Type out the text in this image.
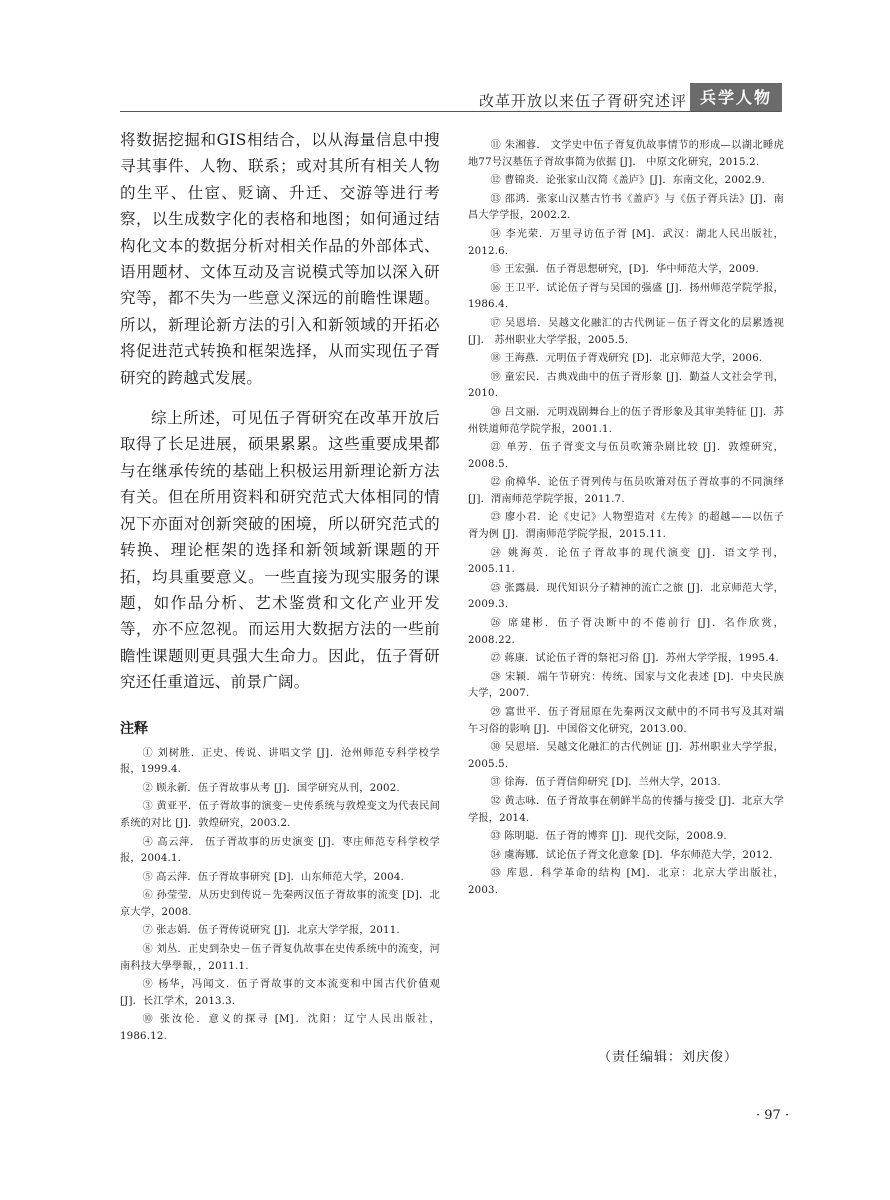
改革开放以来伍子胥研究述评 兵学人物

将数据挖掘和GIS相结合，以从海量信息中搜寻其事件、人物、联系；或对其所有相关人物的生平、仕宦、贬谪、升迁、交游等进行考察，以生成数字化的表格和地图；如何通过结构化文本的数据分析对相关作品的外部体式、语用题材、文体互动及言说模式等加以深入研究等，都不失为一些意义深远的前瞻性课题。所以，新理论新方法的引入和新领域的开拓必将促进范式转换和框架选择，从而实现伍子胥研究的跨越式发展。

综上所述，可见伍子胥研究在改革开放后取得了长足进展，硕果累累。这些重要成果都与在继承传统的基础上积极运用新理论新方法有关。但在所用资料和研究范式大体相同的情况下亦面对创新突破的困境，所以研究范式的转换、理论框架的选择和新领域新课题的开拓，均具重要意义。一些直接为现实服务的课题，如作品分析、艺术鉴赏和文化产业开发等，亦不应忽视。而运用大数据方法的一些前瞻性课题则更具强大生命力。因此，伍子胥研究还任重道远、前景广阔。

注释

① 刘树胜．正史、传说、讲唱文学 [J]．沧州师范专科学校学报，1999.4.

② 顾永新．伍子胥故事从考 [J]．国学研究从刊，2002.

③ 黄亚平．伍子胥故事的演变－史传系统与敦煌变文为代表民间系统的对比 [J]．敦煌研究，2003.2.

④ 高云萍． 伍子胥故事的历史演变 [J]．枣庄师范专科学校学报，2004.1.

⑤ 高云萍．伍子胥故事研究 [D]．山东师范大学，2004.

⑥ 孙莹莹．从历史到传说－先秦两汉伍子胥故事的流变 [D]．北京大学，2008.

⑦ 张志娟．伍子胥传说研究 [J]．北京大学学报，2011.

⑧ 刘丛．正史到杂史－伍子胥复仇故事在史传系统中的流变，河南科技大學學報，，2011.1.

⑨ 杨华，冯闻文．伍子胥故事的文本流变和中国古代价值观 [J]．长江学术，2013.3.

⑩ 张汝伦．意义的探寻 [M]．沈阳：辽宁人民出版社，1986.12.

⑪ 朱湘蓉． 文学史中伍子胥复仇故事情节的形成—以湖北睡虎地77号汉墓伍子胥故事简为依据 [J]． 中原文化研究，2015.2.

⑫ 曹锦炎．论张家山汉简《盖庐》[J]．东南文化，2002.9.

⑬ 邵鸿．张家山汉墓古竹书《盖庐》与《伍子胥兵法》[J]．南昌大学学报，2002.2.

⑭ 李光荣．万里寻访伍子胥 [M]．武汉：湖北人民出版社，2012.6.

⑮ 王宏强．伍子胥思想研究，[D]．华中师范大学，2009.

⑯ 王卫平．试论伍子胥与吴国的强盛 [J]．扬州师范学院学报，1986.4.

⑰ 吴恩培．吴越文化融汇的古代例证－伍子胥文化的层累透视 [J]． 苏州职业大学学报，2005.5.

⑱ 王海燕．元明伍子胥戏研究 [D]．北京师范大学，2006.

⑲ 童宏民．古典戏曲中的伍子胥形象 [J]．勤益人文社会学刊，2010.

⑳ 吕文丽．元明戏剧舞台上的伍子胥形象及其审美特征 [J]．苏州铁道师范学院学报，2001.1.

㉑ 单芳．伍子胥变文与伍员吹箫杂剧比较 [J]．敦煌研究，2008.5.

㉒ 俞樟华．论伍子胥列传与伍员吹箫对伍子胥故事的不同演绎 [J]．渭南师范学院学报，2011.7.

㉓ 廖小君．论《史记》人物塑造对《左传》的超越——以伍子胥为例 [J]．渭南师范学院学报，2015.11.

㉔ 姚海英．论伍子胥故事的现代演变 [J]．语文学刊，2005.11.

㉕ 张露晨．现代知识分子精神的流亡之旅 [J]．北京师范大学，2009.3.

㉖ 席建彬．伍子胥决断中的不倦前行 [J]．名作欣赏，2008.22.

㉗ 蒋康．试论伍子胥的祭祀习俗 [J]．苏州大学学报，1995.4.

㉘ 宋颖．端午节研究：传统、国家与文化表述 [D]．中央民族大学，2007.

㉙ 富世平．伍子胥屈原在先秦两汉文献中的不同书写及其对端午习俗的影响 [J]．中国俗文化研究，2013.00.

㉚ 吴恩培．吴越文化融汇的古代例证 [J]．苏州职业大学学报，2005.5.

㉛ 徐海．伍子胥信仰研究 [D]．兰州大学，2013.

㉜ 黄志咏．伍子胥故事在朝鲜半岛的传播与接受 [J]．北京大学学报，2014.

㉝ 陈明聪．伍子胥的博弈 [J]．现代交际，2008.9.

㉞ 虞海娜．试论伍子胥文化意象 [D]．华东师范大学，2012.

㉟ 库恩．科学革命的结构 [M]．北京：北京大学出版社，2003.

（责任编辑：刘庆俊）
· 97 ·
